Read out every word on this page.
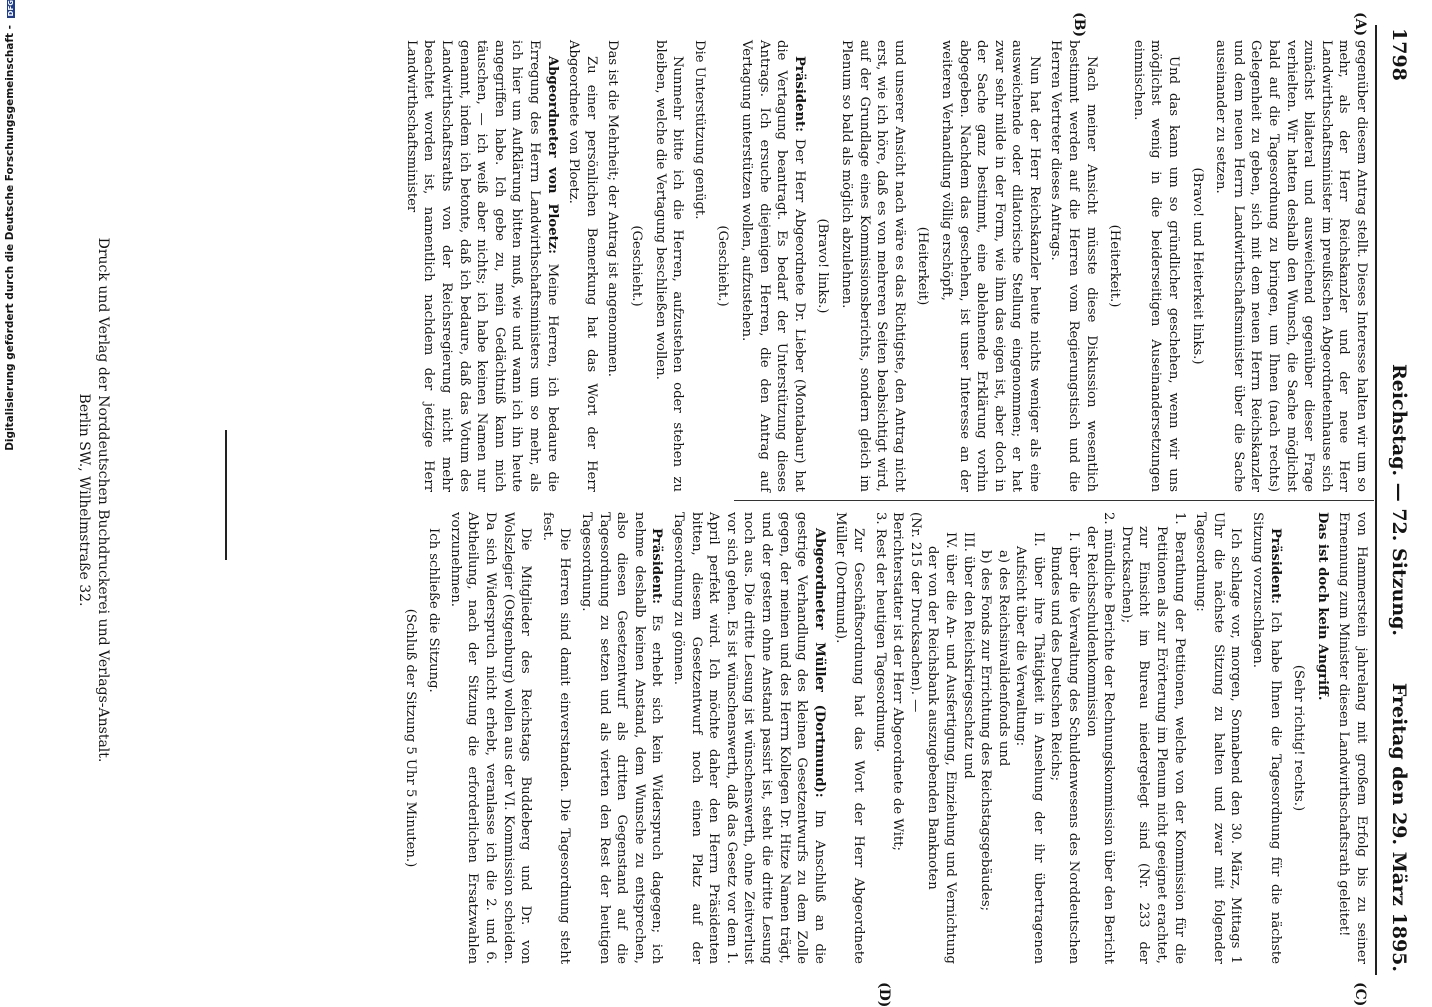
1798
Reichstag. — 72. Sitzung.
Freitag den 29. März 1895.
(A)
(B)
(C)
(D)

gegenüber diesem Antrag stellt. Dieses Interesse halten wir um so mehr, als der Herr Reichskanzler und der neue Herr Landwirthschaftsminister im preußischen Abgeordnetenhause sich zunächst bilateral und ausweichend gegenüber dieser Frage verhielten. Wir hatten deshalb den Wunsch, die Sache möglichst bald auf die Tagesordnung zu bringen, um Ihnen (nach rechts) Gelegenheit zu geben, sich mit dem neuen Herrn Reichskanzler und dem neuen Herrn Landwirthschaftsminister über die Sache auseinander zu setzen.

(Bravo! und Heiterkeit links.)

Und das kann um so gründlicher geschehen, wenn wir uns möglichst wenig in die beiderseitigen Auseinandersetzungen einmischen.

(Heiterkeit.)

Nach meiner Ansicht müsste diese Diskussion wesentlich bestimmt werden auf die Herren vom Regierungstisch und die Herren Vertreter dieses Antrags.

Nun hat der Herr Reichskanzler heute nichts weniger als eine ausweichende oder dilatorische Stellung eingenommen; er hat zwar sehr milde in der Form, wie ihm das eigen ist, aber doch in der Sache ganz bestimmt, eine ablehnende Erklärung vorhin abgegeben. Nachdem das geschehen, ist unser Interesse an der weiteren Verhandlung völlig erschöpft,

(Heiterkeit)

und unserer Ansicht nach wäre es das Richtigste, den Antrag nicht erst, wie ich höre, daß es von mehreren Seiten beabsichtigt wird, auf der Grundlage eines Kommissionsberichts, sondern gleich im Plenum so bald als möglich abzulehnen.

(Bravo! links.)

Präsident: Der Herr Abgeordnete Dr. Lieber (Montabaur) hat die Vertagung beantragt. Es bedarf der Unterstützung dieses Antrags. Ich ersuche diejenigen Herren, die den Antrag auf Vertagung unterstützen wollen, aufzustehen.

(Geschieht.)

Die Unterstützung genügt.

Nunmehr bitte ich die Herren, aufzustehen oder stehen zu bleiben, welche die Vertagung beschließen wollen.

(Geschieht.)

Das ist die Mehrheit; der Antrag ist angenommen.

Zu einer persönlichen Bemerkung hat das Wort der Herr Abgeordnete von Ploetz.

Abgeordneter von Ploetz: Meine Herren, ich bedaure die Erregung des Herrn Landwirthschaftsministers um so mehr, als ich hier um Aufklärung bitten muß, wie und wann ich ihn heute angegriffen habe. Ich gebe zu, mein Gedächtniß kann mich täuschen, — ich weiß aber nichts; ich habe keinen Namen nur genannt, indem ich betonte, daß ich bedaure, daß das Votum des Landwirthschaftsraths von der Reichsregierung nicht mehr beachtet worden ist, namentlich nachdem der jetzige Herr Landwirthschaftsminister

von Hammerstein jahrelang mit großem Erfolg bis zu seiner Ernennung zum Minister diesen Landwirthschaftsrath geleitet!

Das ist doch kein Angriff.

(Sehr richtig! rechts.)

Präsident: Ich habe Ihnen die Tagesordnung für die nächste Sitzung vorzuschlagen.

Ich schlage vor, morgen, Sonnabend den 30. März, Mittags 1 Uhr die nächste Sitzung zu halten und zwar mit folgender Tagesordnung:

1. Berathung der Petitionen, welche von der Kommission für die Petitionen als zur Erörterung im Plenum nicht geeignet erachtet, zur Einsicht im Bureau niedergelegt sind (Nr. 233 der Drucksachen);
2. mündliche Berichte der Rechnungskommission über den Bericht der Reichsschuldenkommission
I. über die Verwaltung des Schuldenwesens des Norddeutschen Bundes und des Deutschen Reichs;
II. über ihre Thätigkeit in Ansehung der ihr übertragenen Aufsicht über die Verwaltung:
a) des Reichsinvalidenfonds und
b) des Fonds zur Errichtung des Reichstagsgebäudes;
III. über den Reichskriegsschatz und
IV. über die An- und Ausfertigung, Einziehung und Vernichtung der von der Reichsbank auszugebenden Banknoten
(Nr. 215 der Drucksachen). —
Berichterstatter ist der Herr Abgeordnete de Witt;
3. Rest der heutigen Tagesordnung.

Zur Geschäftsordnung hat das Wort der Herr Abgeordnete Müller (Dortmund).

Abgeordneter Müller (Dortmund): Im Anschluß an die gestrige Verhandlung des kleinen Gesetzentwurfs zu dem Zolle gegen, der meinen und des Herrn Kollegen Dr. Hitze Namen trägt, und der gestern ohne Anstand passirt ist, steht die dritte Lesung noch aus. Die dritte Lesung ist wünschenswerth, ohne Zeitverlust vor sich gehen. Es ist wünschenswerth, daß das Gesetz vor dem 1. April perfekt wird. Ich möchte daher den Herrn Präsidenten bitten, diesem Gesetzentwurf noch einen Platz auf der Tagesordnung zu gönnen.

Präsident: Es erhebt sich kein Widerspruch dagegen; ich nehme deshalb keinen Anstand, dem Wunsche zu entsprechen, also diesen Gesetzentwurf als dritten Gegenstand auf die Tagesordnung zu setzen und als vierten den Rest der heutigen Tagesordnung.

Die Herren sind damit einverstanden. Die Tagesordnung steht fest.

Die Mitglieder des Reichstags Buddeberg und Dr. von Wolszlegier (Ostgenburg) wollen aus der VI. Kommission scheiden. Da sich Widerspruch nicht erhebt, veranlasse ich die 2. und 6. Abtheilung, nach der Sitzung die erforderlichen Ersatzwahlen vorzunehmen.

Ich schließe die Sitzung.

(Schluß der Sitzung 5 Uhr 5 Minuten.)
Druck und Verlag der Norddeutschen Buchdruckerei und Verlags-Anstalt.
Berlin SW., Wilhelmstraße 32.
Digitalisierung gefördert durch die Deutsche Forschungsgemeinschaft - DFG
